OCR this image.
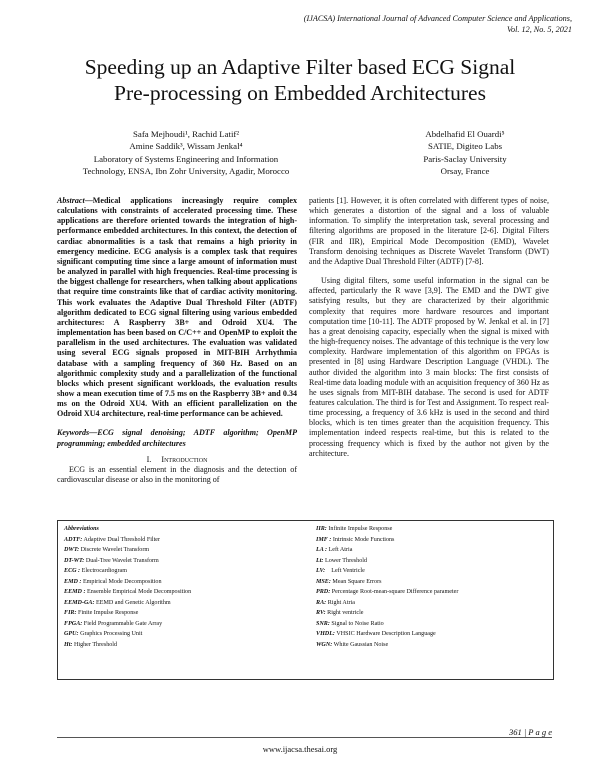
(IJACSA) International Journal of Advanced Computer Science and Applications,
Vol. 12, No. 5, 2021
Speeding up an Adaptive Filter based ECG Signal
Pre-processing on Embedded Architectures
Safa Mejhoudi¹, Rachid Latif²
Amine Saddik³, Wissam Jenkal⁴
Laboratory of Systems Engineering and Information
Technology, ENSA, Ibn Zohr University, Agadir, Morocco
Abdelhafid El Ouardi⁵
SATIE, Digiteo Labs
Paris-Saclay University
Orsay, France
Abstract—Medical applications increasingly require complex calculations with constraints of accelerated processing time. These applications are therefore oriented towards the integration of high-performance embedded architectures. In this context, the detection of cardiac abnormalities is a task that remains a high priority in emergency medicine. ECG analysis is a complex task that requires significant computing time since a large amount of information must be analyzed in parallel with high frequencies. Real-time processing is the biggest challenge for researchers, when talking about applications that require time constraints like that of cardiac activity monitoring. This work evaluates the Adaptive Dual Threshold Filter (ADTF) algorithm dedicated to ECG signal filtering using various embedded architectures: A Raspberry 3B+ and Odroid XU4. The implementation has been based on C/C++ and OpenMP to exploit the parallelism in the used architectures. The evaluation was validated using several ECG signals proposed in MIT-BIH Arrhythmia database with a sampling frequency of 360 Hz. Based on an algorithmic complexity study and a parallelization of the functional blocks which present significant workloads, the evaluation results show a mean execution time of 7.5 ms on the Raspberry 3B+ and 0.34 ms on the Odroid XU4. With an efficient parallelization on the Odroid XU4 architecture, real-time performance can be achieved.
Keywords—ECG signal denoising; ADTF algorithm; OpenMP programming; embedded architectures
I. Introduction

ECG is an essential element in the diagnosis and the detection of cardiovascular disease or also in the monitoring of

patients [1]. However, it is often correlated with different types of noise, which generates a distortion of the signal and a loss of valuable information. To simplify the interpretation task, several processing and filtering algorithms are proposed in the literature [2-6]. Digital Filters (FIR and IIR), Empirical Mode Decomposition (EMD), Wavelet Transform denoising techniques as Discrete Wavelet Transform (DWT) and the Adaptive Dual Threshold Filter (ADTF) [7-8].

Using digital filters, some useful information in the signal can be affected, particularly the R wave [3,9]. The EMD and the DWT give satisfying results, but they are characterized by their algorithmic complexity that requires more hardware resources and important computation time [10-11]. The ADTF proposed by W. Jenkal et al. in [7] has a great denoising capacity, especially when the signal is mixed with the high-frequency noises. The advantage of this technique is the very low complexity. Hardware implementation of this algorithm on FPGAs is presented in [8] using Hardware Description Language (VHDL). The author divided the algorithm into 3 main blocks: The first consists of Real-time data loading module with an acquisition frequency of 360 Hz as he uses signals from MIT-BIH database. The second is used for ADTF features calculation. The third is for Test and Assignment. To respect real-time processing, a frequency of 3.6 kHz is used in the second and third blocks, which is ten times greater than the acquisition frequency. This implementation indeed respects real-time, but this is related to the processing frequency which is fixed by the author not given by the architecture.

Abbreviations
ADTF: Adaptive Dual Threshold Filter
DWT: Discrete Wavelet Transform
DT-WT: Dual-Tree Wavelet Transform
ECG : Electrocardiogram
EMD : Empirical Mode Decomposition
EEMD : Ensemble Empirical Mode Decomposition
EEMD-GA: EEMD and Genetic Algorithm
FIR: Finite Impulse Response
FPGA: Field Programmable Gate Array
GPU: Graphics Processing Unit
Ht: Higher Threshold
IIR: Infinite Impulse Response
IMF : Intrinsic Mode Functions
LA : Left Atria
Lt: Lower Threshold
LV:    Left Ventricle
MSE: Mean Square Errors
PRD: Percentage Root-mean-square Difference parameter
RA: Right Atria
RV: Right ventricle
SNR: Signal to Noise Ratio
VHDL: VHSIC Hardware Description Language
WGN: White Gaussian Noise
361 | P a g e
www.ijacsa.thesai.org
